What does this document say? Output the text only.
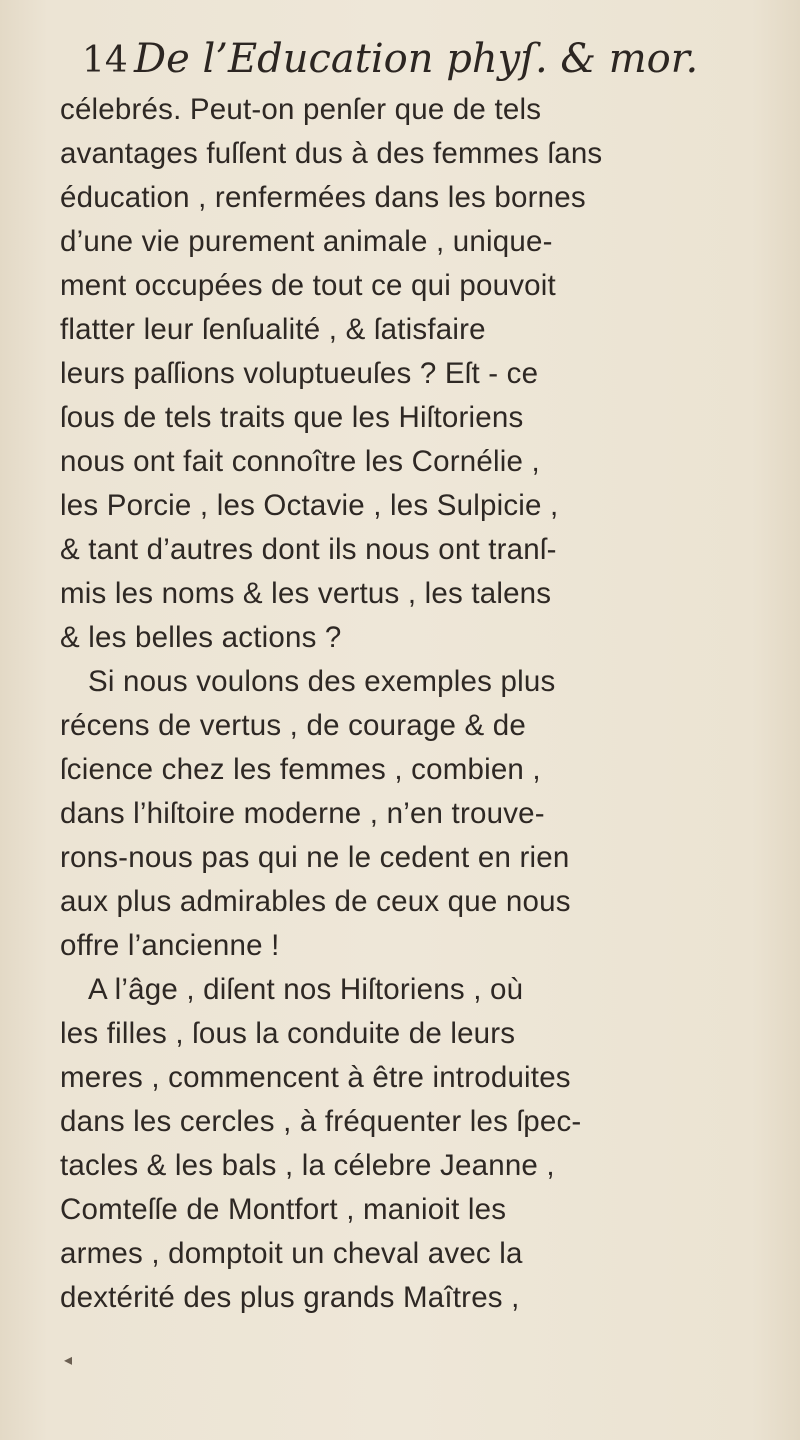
14 De l’Education phyſ. & mor.
célebrés. Peut-on penſer que de tels
avantages fuſſent dus à des femmes ſans
éducation , renfermées dans les bornes
d’une vie purement animale , unique-
ment occupées de tout ce qui pouvoit
flatter leur ſenſualité , & ſatisfaire
leurs paſſions voluptueuſes ? Eſt - ce
ſous de tels traits que les Hiſtoriens
nous ont fait connoître les Cornélie ,
les Porcie , les Octavie , les Sulpicie ,
& tant d’autres dont ils nous ont tranſ-
mis les noms & les vertus , les talens
& les belles actions ?
Si nous voulons des exemples plus
récens de vertus , de courage & de
ſcience chez les femmes , combien ,
dans l’hiſtoire moderne , n’en trouve-
rons-nous pas qui ne le cedent en rien
aux plus admirables de ceux que nous
offre l’ancienne !
A l’âge , diſent nos Hiſtoriens , où
les filles , ſous la conduite de leurs
meres , commencent à être introduites
dans les cercles , à fréquenter les ſpec-
tacles & les bals , la célebre Jeanne ,
Comteſſe de Montfort , manioit les
armes , domptoit un cheval avec la
dextérité des plus grands Maîtres ,
◂
